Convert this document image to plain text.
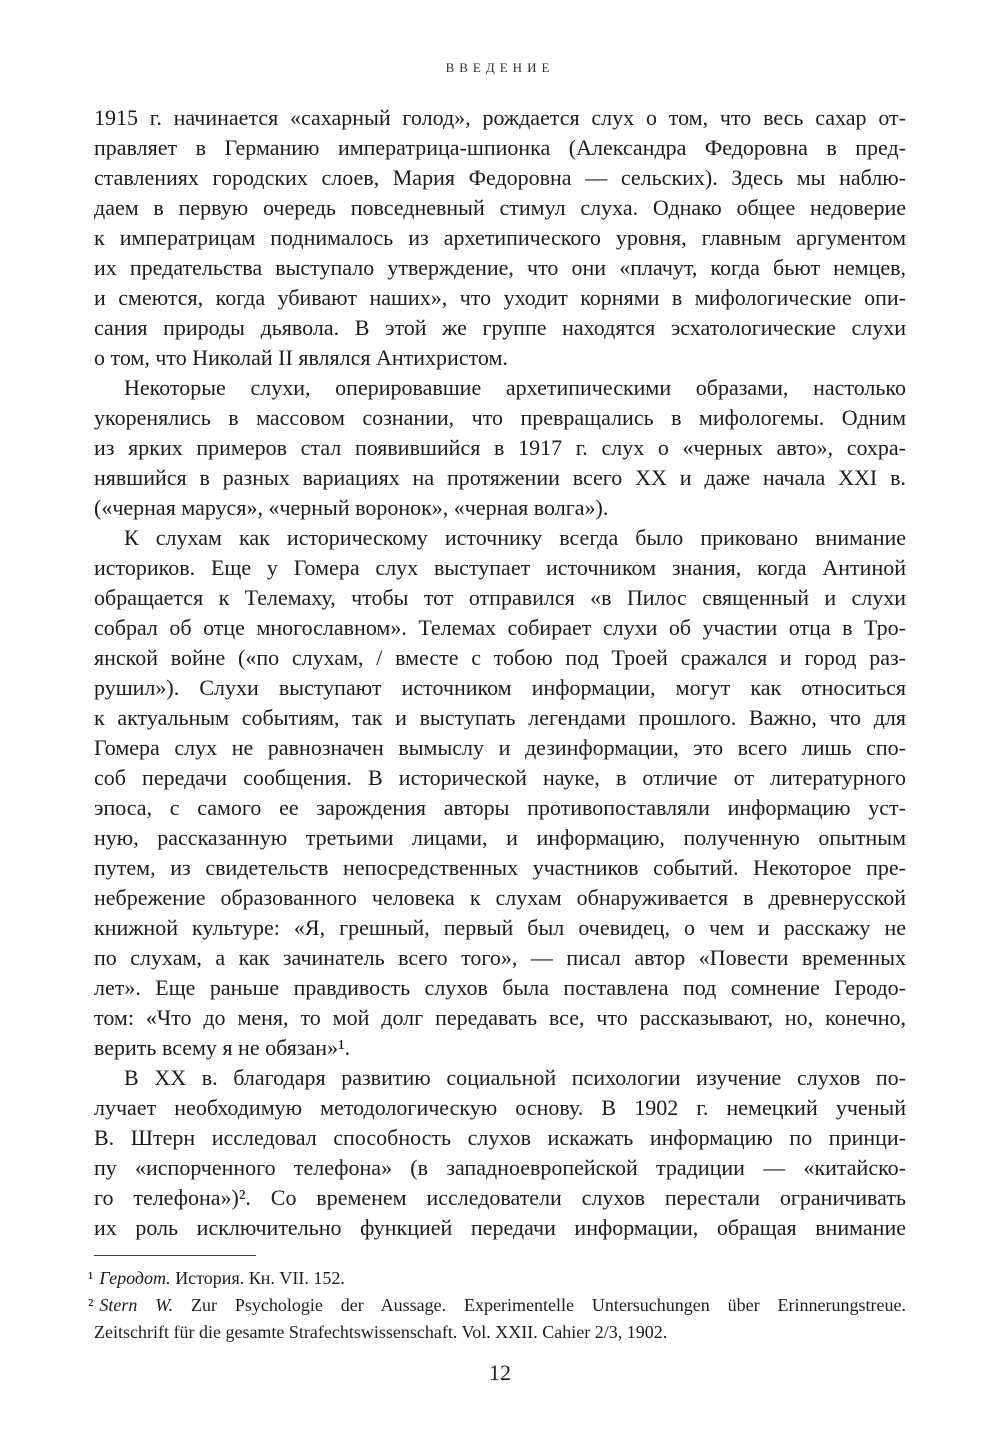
ВВЕДЕНИЕ
1915 г. начинается «сахарный голод», рождается слух о том, что весь сахар от-
правляет в Германию императрица-шпионка (Александра Федоровна в пред-
ставлениях городских слоев, Мария Федоровна — сельских). Здесь мы наблю-
даем в первую очередь повседневный стимул слуха. Однако общее недоверие
к императрицам поднималось из архетипического уровня, главным аргументом
их предательства выступало утверждение, что они «плачут, когда бьют немцев,
и смеются, когда убивают наших», что уходит корнями в мифологические опи-
сания природы дьявола. В этой же группе находятся эсхатологические слухи
о том, что Николай II являлся Антихристом.
Некоторые слухи, оперировавшие архетипическими образами, настолько
укоренялись в массовом сознании, что превращались в мифологемы. Одним
из ярких примеров стал появившийся в 1917 г. слух о «черных авто», сохра-
нявшийся в разных вариациях на протяжении всего XX и даже начала XXI в.
(«черная маруся», «черный воронок», «черная волга»).
К слухам как историческому источнику всегда было приковано внимание
историков. Еще у Гомера слух выступает источником знания, когда Антиной
обращается к Телемаху, чтобы тот отправился «в Пилос священный и слухи
собрал об отце многославном». Телемах собирает слухи об участии отца в Тро-
янской войне («по слухам, / вместе с тобою под Троей сражался и город раз-
рушил»). Слухи выступают источником информации, могут как относиться
к актуальным событиям, так и выступать легендами прошлого. Важно, что для
Гомера слух не равнозначен вымыслу и дезинформации, это всего лишь спо-
соб передачи сообщения. В исторической науке, в отличие от литературного
эпоса, с самого ее зарождения авторы противопоставляли информацию уст-
ную, рассказанную третьими лицами, и информацию, полученную опытным
путем, из свидетельств непосредственных участников событий. Некоторое пре-
небрежение образованного человека к слухам обнаруживается в древнерусской
книжной культуре: «Я, грешный, первый был очевидец, о чем и расскажу не
по слухам, а как зачинатель всего того», — писал автор «Повести временных
лет». Еще раньше правдивость слухов была поставлена под сомнение Геродо-
том: «Что до меня, то мой долг передавать все, что рассказывают, но, конечно,
верить всему я не обязан»¹.
В XX в. благодаря развитию социальной психологии изучение слухов по-
лучает необходимую методологическую основу. В 1902 г. немецкий ученый
В. Штерн исследовал способность слухов искажать информацию по принци-
пу «испорченного телефона» (в западноевропейской традиции — «китайско-
го телефона»)². Со временем исследователи слухов перестали ограничивать
их роль исключительно функцией передачи информации, обращая внимание
¹ Геродот. История. Кн. VII. 152.
² Stern W. Zur Psychologie der Aussage. Experimentelle Untersuchungen über Erinnerungstreue.
Zeitschrift für die gesamte Strafechtswissenschaft. Vol. XXII. Cahier 2/3, 1902.
12
